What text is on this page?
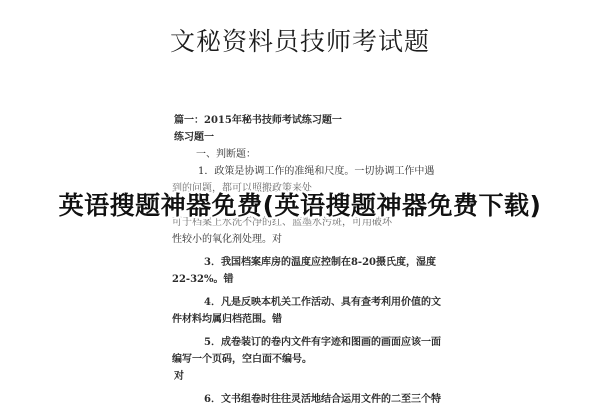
文秘资料员技师考试题
篇一：2015年秘书技师考试练习题一
练习题一
一、判断题：
1．政策是协调工作的准绳和尺度。一切协调工作中遇
到的问题，都可以照搬政策来处
可于档案上水洗不净的红、蓝墨水污斑，可用破坏
性较小的氧化剂处理。对
3．我国档案库房的温度应控制在8-20摄氏度，湿度
22-32%。错
4．凡是反映本机关工作活动、具有查考利用价值的文
件材料均属归档范围。错
5．成卷装订的卷内文件有字迹和图画的画面应该一面
编写一个页码，空白面不编号。
对
6．文书组卷时往往灵活地结合运用文件的二至三个特
英语搜题神器免费(英语搜题神器免费下载)
